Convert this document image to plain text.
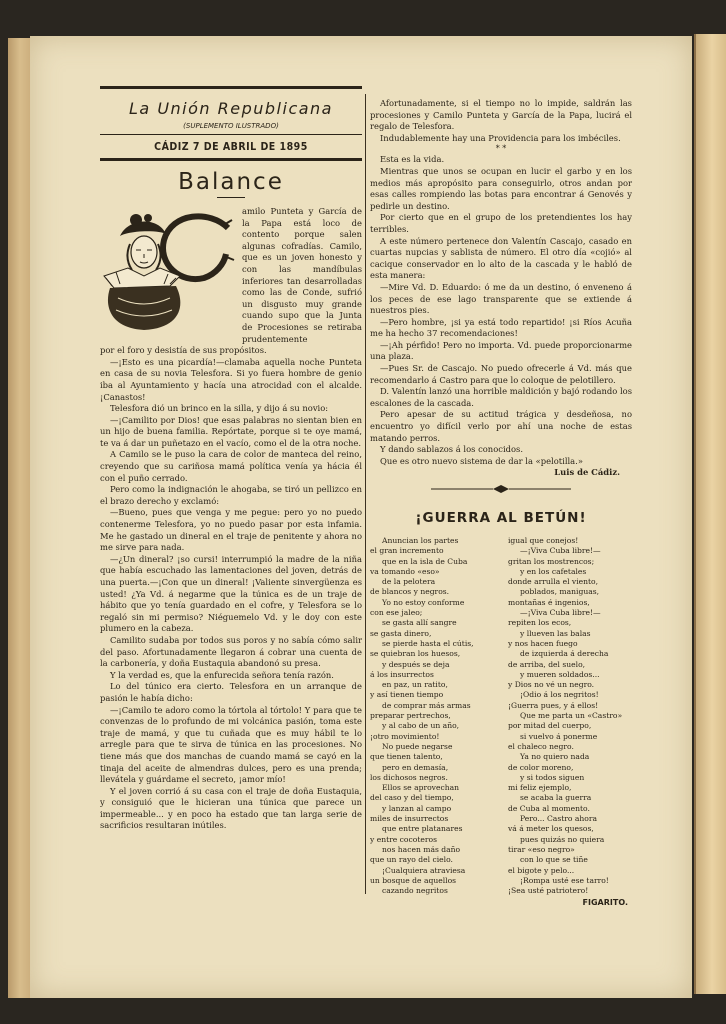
La Unión Republicana
(SUPLEMENTO ILUSTRADO)
CÁDIZ 7 DE ABRIL DE 1895
Balance

amilo Punteta y García de la Papa está loco de contento porque salen algunas cofradías. Camilo, que es un joven honesto y con las mandíbulas inferiores tan desarrolladas como las de Conde, sufrió un disgusto muy grande cuando supo que la Junta de Procesiones se retiraba prudentemente

por el foro y desistía de sus propósitos.

—¡Esto es una picardía!—clamaba aquella noche Punteta en casa de su novia Telesfora. Si yo fuera hombre de genio iba al Ayuntamiento y hacía una atrocidad con el alcalde. ¡Canastos!

Telesfora dió un brinco en la silla, y dijo á su novio:

—¡Camilito por Dios! que esas palabras no sientan bien en un hijo de buena familia. Repórtate, porque si te oye mamá, te va á dar un puñetazo en el vacío, como el de la otra noche.

A Camilo se le puso la cara de color de manteca del reino, creyendo que su cariñosa mamá política venía ya hácia él con el puño cerrado.

Pero como la indignación le ahogaba, se tiró un pellizco en el brazo derecho y exclamó:

—Bueno, pues que venga y me pegue: pero yo no puedo contenerme Telesfora, yo no puedo pasar por esta infamia. Me he gastado un dineral en el traje de penitente y ahora no me sirve para nada.

—¿Un dineral? ¡so cursi! interrumpió la madre de la niña que había escuchado las lamentaciones del joven, detrás de una puerta.—¡Con que un dineral! ¡Valiente sinvergüenza es usted! ¿Ya Vd. á negarme que la túnica es de un traje de hábito que yo tenía guardado en el cofre, y Telesfora se lo regaló sin mi permiso? Niéguemelo Vd. y le doy con este plumero en la cabeza.

Camilito sudaba por todos sus poros y no sabía cómo salir del paso. Afortunadamente llegaron á cobrar una cuenta de la carbonería, y doña Eustaquia abandonó su presa.

Y la verdad es, que la enfurecida señora tenía razón.

Lo del túnico era cierto. Telesfora en un arranque de pasión le había dicho:

—¡Camilo te adoro como la tórtola al tórtolo! Y para que te convenzas de lo profundo de mi volcánica pasión, toma este traje de mamá, y que tu cuñada que es muy hábil te lo arregle para que te sirva de túnica en las procesiones. No tiene más que dos manchas de cuando mamá se cayó en la tinaja del aceite de almendras dulces, pero es una prenda; llevátela y guárdame el secreto, ¡amor mío!

Y el joven corrió á su casa con el traje de doña Eustaquia, y consiguió que le hicieran una túnica que parece un impermeable... y en poco ha estado que tan larga serie de sacrificios resultaran inútiles.

Afortunadamente, si el tiempo no lo impide, saldrán las procesiones y Camilo Punteta y García de la Papa, lucirá el regalo de Telesfora.

Indudablemente hay una Providencia para los imbéciles.

* *

Esta es la vida.

Mientras que unos se ocupan en lucir el garbo y en los medios más apropósito para conseguirlo, otros andan por esas calles rompiendo las botas para encontrar á Genovés y pedirle un destino.

Por cierto que en el grupo de los pretendientes los hay terribles.

A este número pertenece don Valentín Cascajo, casado en cuartas nupcias y sablista de número. El otro día «cojió» al cacique conservador en lo alto de la cascada y le habló de esta manera:

—Mire Vd. D. Eduardo: ó me da un destino, ó enveneno á los peces de ese lago transparente que se extiende á nuestros pies.

—Pero hombre, ¡si ya está todo repartido! ¡si Ríos Acuña me ha hecho 37 recomendaciones!

—¡Ah pérfido! Pero no importa. Vd. puede proporcionarme una plaza.

—Pues Sr. de Cascajo. No puedo ofrecerle á Vd. más que recomendarlo á Castro para que lo coloque de pelotillero.

D. Valentín lanzó una horrible maldición y bajó rodando los escalones de la cascada.

Pero apesar de su actitud trágica y desdeñosa, no encuentro yo difícil verlo por ahí una noche de estas matando perros.

Y dando sablazos á los conocidos.

Que es otro nuevo sistema de dar la «pelotilla.»

Luis de Cádiz.
¡GUERRA AL BETÚN!

Anuncian los partes

el gran incremento

que en la isla de Cuba

va tomando «eso»

de la pelotera

de blancos y negros.

Yo no estoy conforme

con ese jaleo;

se gasta allí sangre

se gasta dinero,

se pierde hasta el cútis,

se quiebran los huesos,

y después se deja

á los insurrectos

en paz, un ratito,

y así tienen tiempo

de comprar más armas

preparar pertrechos,

y al cabo de un año,

¡otro movimiento!

No puede negarse

que tienen talento,

pero en demasía,

los dichosos negros.

Ellos se aprovechan

del caso y del tiempo,

y lanzan al campo

miles de insurrectos

que entre platanares

y entre cocoteros

nos hacen más daño

que un rayo del cielo.

¡Cualquiera atraviesa

un bosque de aquellos

cazando negritos

igual que conejos!

—¡Viva Cuba libre!—

gritan los mostrencos;

y en los cafetales

donde arrulla el viento,

poblados, maniguas,

montañas é ingenios,

—¡Viva Cuba libre!—

repiten los ecos,

y llueven las balas

y nos hacen fuego

de izquierda á derecha

de arriba, del suelo,

y mueren soldados...

y Dios no vé un negro.

¡Odio á los negritos!

¡Guerra pues, y á ellos!

Que me parta un «Castro»

por mitad del cuerpo,

si vuelvo á ponerme

el chaleco negro.

Ya no quiero nada

de color moreno,

y si todos siguen

mi feliz ejemplo,

se acaba la guerra

de Cuba al momento.

Pero... Castro ahora

vá á meter los quesos,

pues quizás no quiera

tirar «eso negro»

con lo que se tiñe

el bigote y pelo...

¡Rompa usté ese tarro!

¡Sea usté patriotero!

FIGARITO.
